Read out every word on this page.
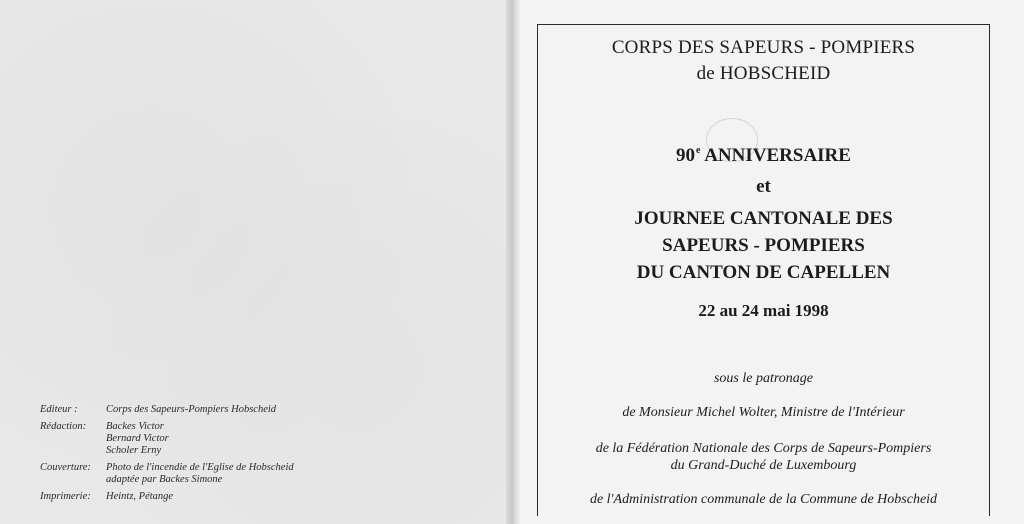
Editeur :	Corps des Sapeurs-Pompiers Hobscheid
Rédaction:	Backes Victor
Bernard Victor
Scholer Erny
Couverture:	Photo de l'incendie de l'Eglise de Hobscheid
adaptée par Backes Simone
Imprimerie:	Heintz, Pétange
CORPS DES SAPEURS - POMPIERS
de HOBSCHEID
90e ANNIVERSAIRE
et
JOURNEE CANTONALE DES
SAPEURS - POMPIERS
DU CANTON DE CAPELLEN
22 au 24 mai 1998
sous le patronage
de Monsieur Michel Wolter, Ministre de l'Intérieur
de la Fédération Nationale des Corps de Sapeurs-Pompiers
du Grand-Duché de Luxembourg
de l'Administration communale de la Commune de Hobscheid
